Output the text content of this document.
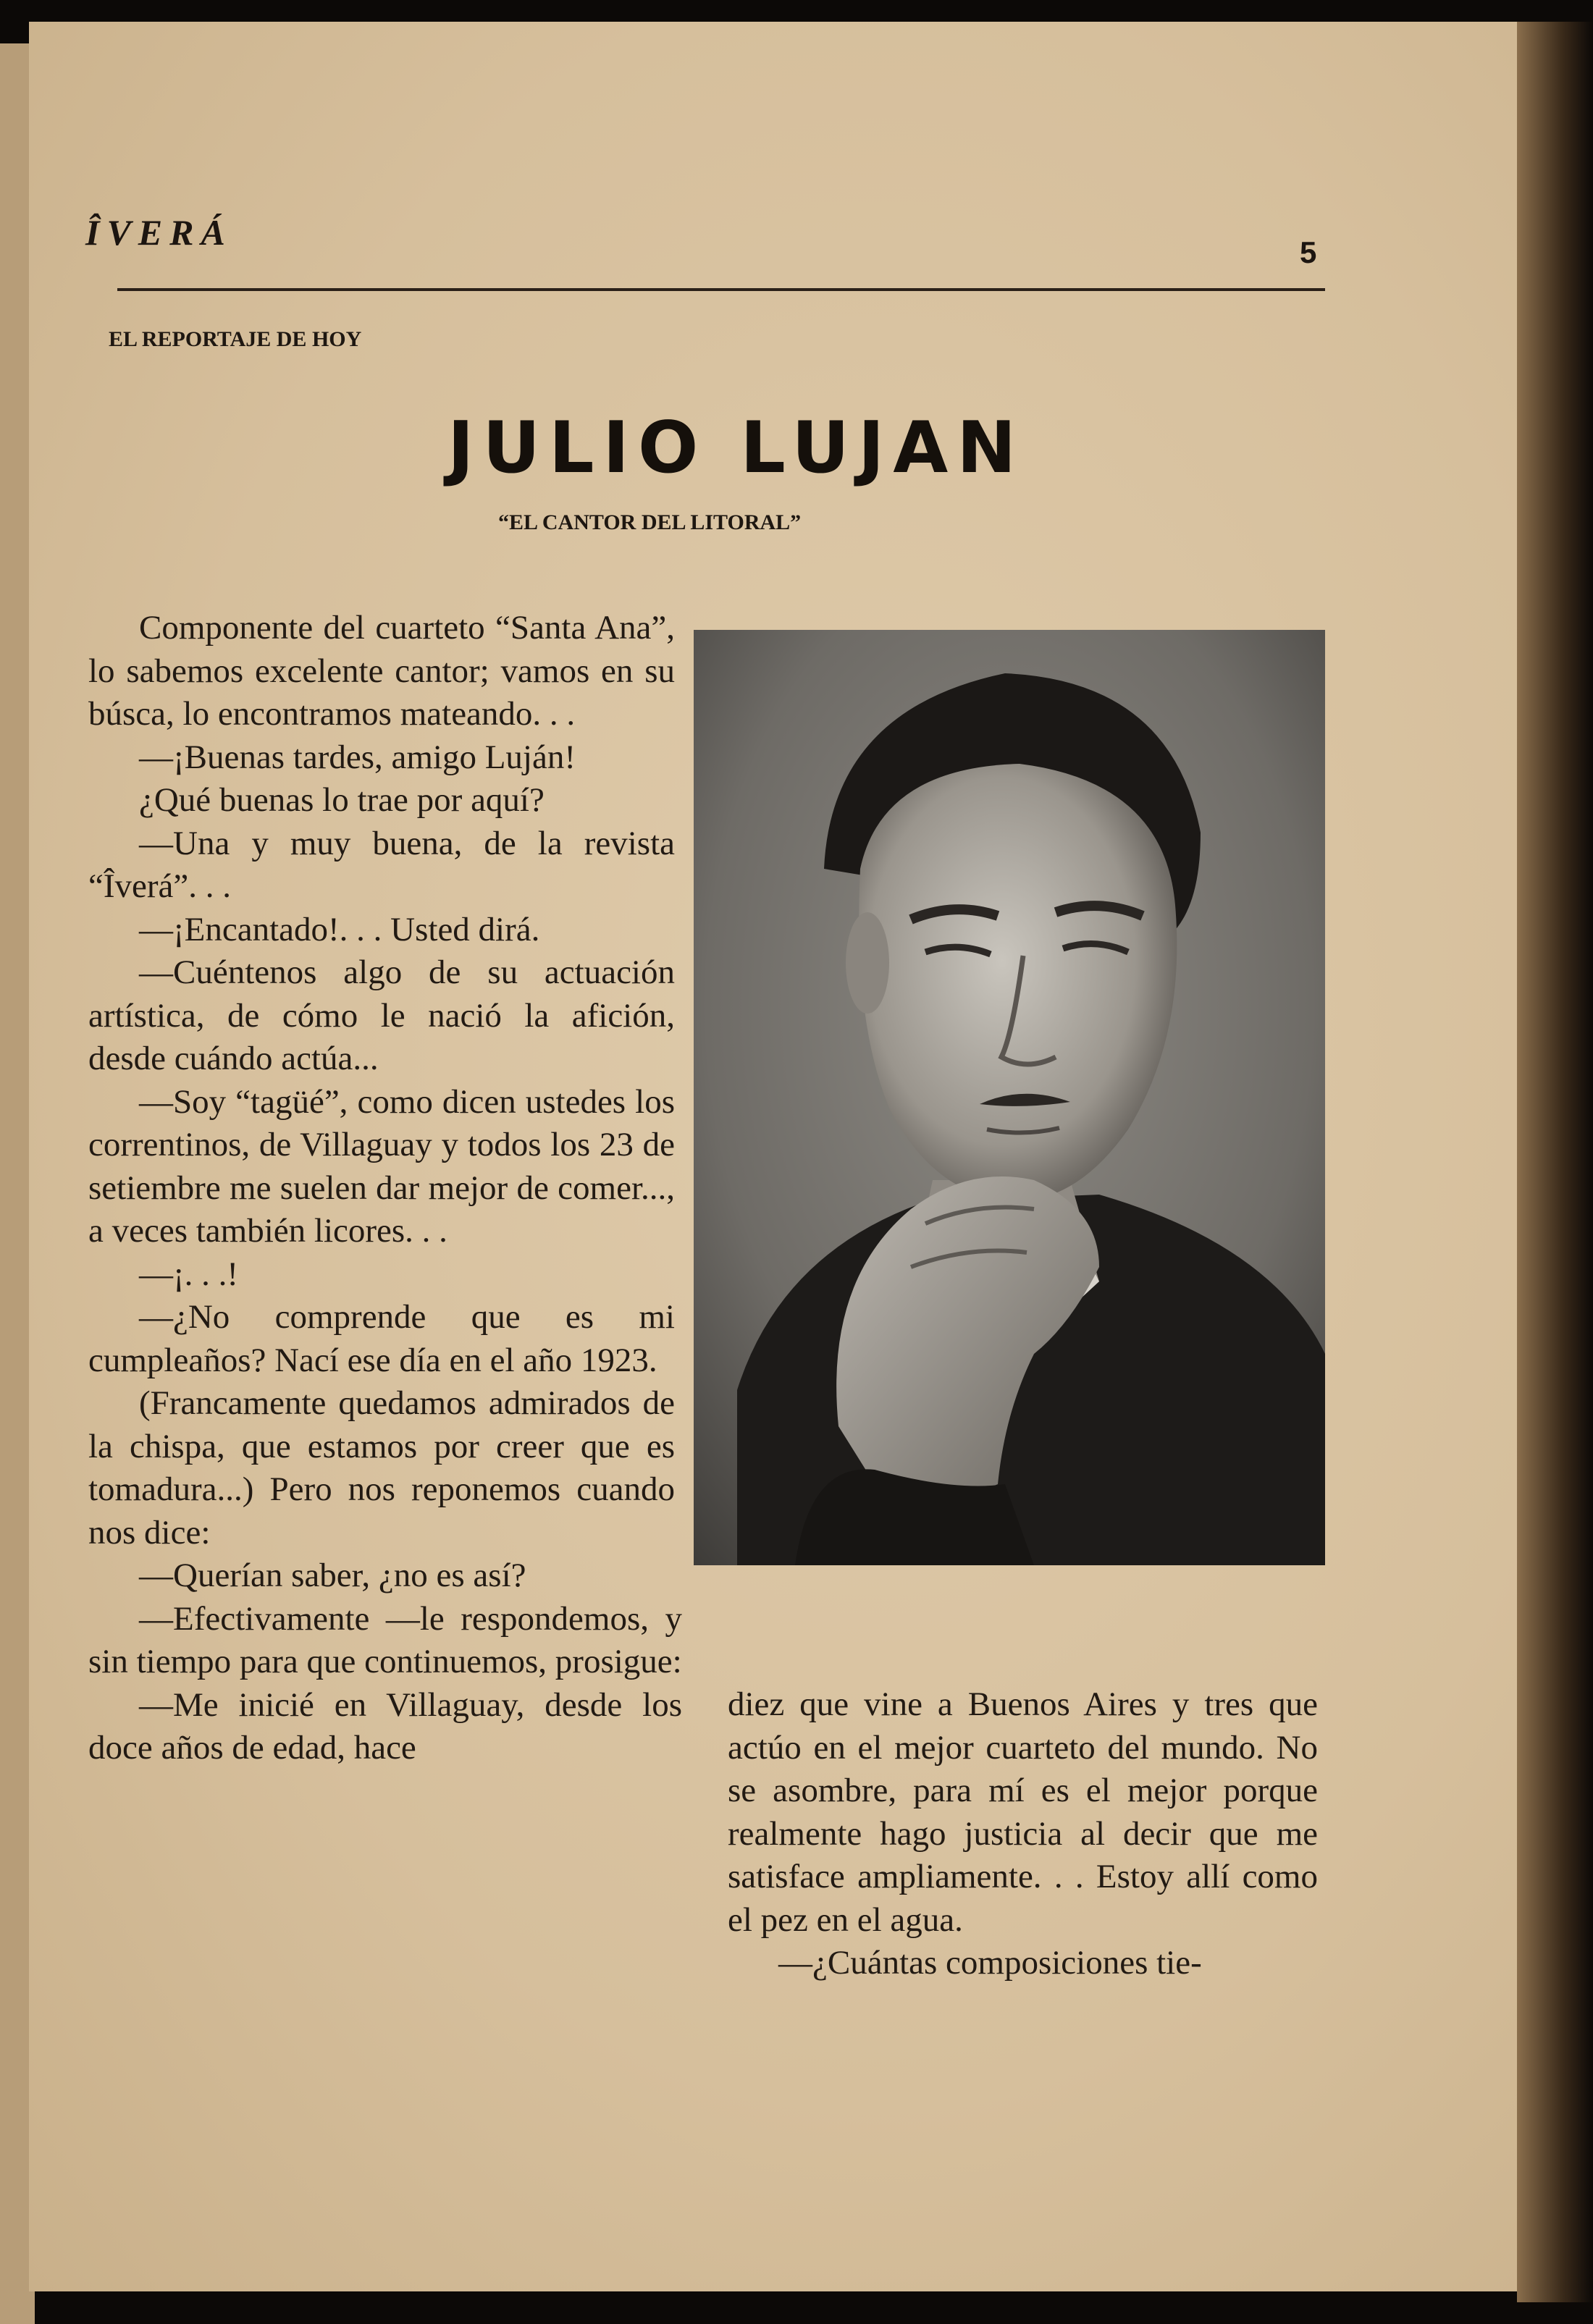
ÎVERÁ	5
EL REPORTAJE DE HOY
JULIO LUJAN
“EL CANTOR DEL LITORAL”

Componente del cuarteto “Santa Ana”, lo sabemos excelente cantor; vamos en su búsca, lo encontramos mateando. . .

—¡Buenas tardes, amigo Luján!

¿Qué buenas lo trae por aquí?

—Una y muy buena, de la revista “Îverá”. . .

—¡Encantado!. . . Usted dirá.

—Cuéntenos algo de su actuación artística, de cómo le nació la afición, desde cuándo actúa...

—Soy “tagüé”, como dicen ustedes los correntinos, de Villaguay y todos los 23 de setiembre me suelen dar mejor de comer..., a veces también licores. . .

—¡. . .!

—¿No comprende que es mi cumpleaños? Nací ese día en el año 1923.

(Francamente quedamos admirados de la chispa, que estamos por creer que es tomadura...) Pero nos reponemos cuando nos dice:

—Querían saber, ¿no es así?

—Efectivamente —le respondemos, y sin tiempo para que continuemos, prosigue:

—Me inicié en Villaguay, desde los doce años de edad, hace

diez que vine a Buenos Aires y tres que actúo en el mejor cuarteto del mundo. No se asombre, para mí es el mejor porque realmente hago justicia al decir que me satisface ampliamente. . . Estoy allí como el pez en el agua.

—¿Cuántas composiciones tie-
